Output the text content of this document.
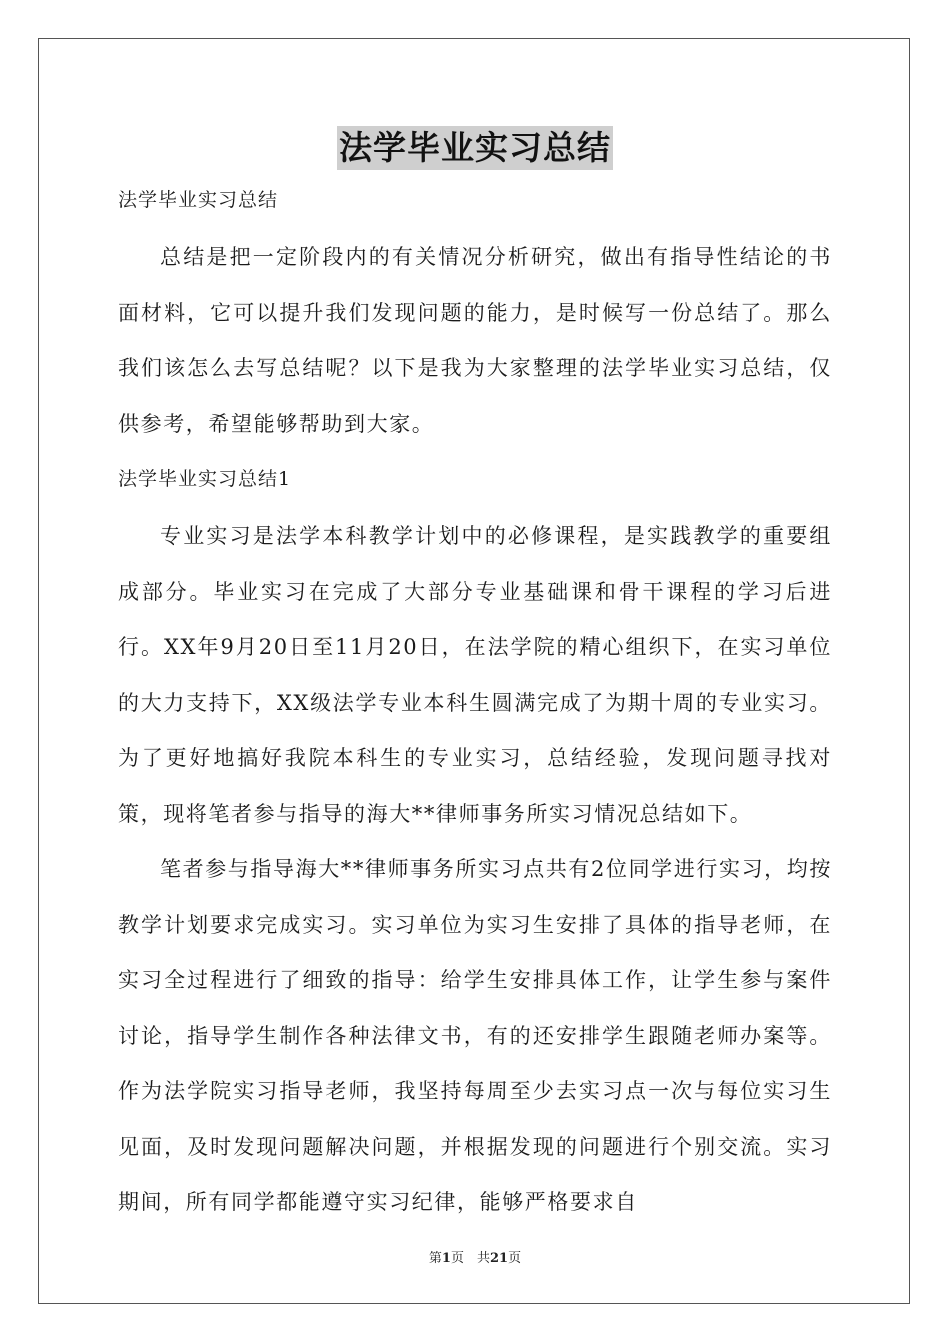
法学毕业实习总结

法学毕业实习总结

总结是把一定阶段内的有关情况分析研究，做出有指导性结论的书面材料，它可以提升我们发现问题的能力，是时候写一份总结了。那么我们该怎么去写总结呢？以下是我为大家整理的法学毕业实习总结，仅供参考，希望能够帮助到大家。

法学毕业实习总结1

专业实习是法学本科教学计划中的必修课程，是实践教学的重要组成部分。毕业实习在完成了大部分专业基础课和骨干课程的学习后进行。XX年9月20日至11月20日，在法学院的精心组织下，在实习单位的大力支持下，XX级法学专业本科生圆满完成了为期十周的专业实习。为了更好地搞好我院本科生的专业实习，总结经验，发现问题寻找对策，现将笔者参与指导的海大**律师事务所实习情况总结如下。

笔者参与指导海大**律师事务所实习点共有2位同学进行实习，均按教学计划要求完成实习。实习单位为实习生安排了具体的指导老师，在实习全过程进行了细致的指导：给学生安排具体工作，让学生参与案件讨论，指导学生制作各种法律文书，有的还安排学生跟随老师办案等。作为法学院实习指导老师，我坚持每周至少去实习点一次与每位实习生见面，及时发现问题解决问题，并根据发现的问题进行个别交流。实习期间，所有同学都能遵守实习纪律，能够严格要求自

第1页　共21页
